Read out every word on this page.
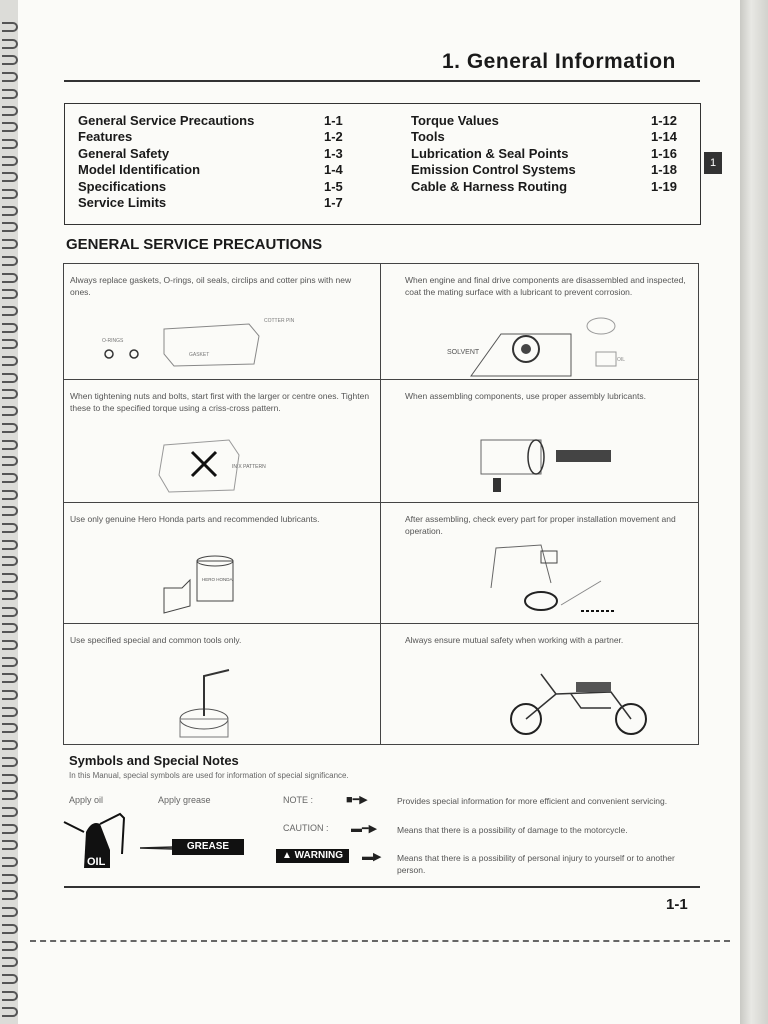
1
1. General Information
General Service Precautions	1-1
Features	1-2
General Safety	1-3
Model Identification	1-4
Specifications	1-5
Service Limits	1-7
Torque Values	1-12
Tools	1-14
Lubrication & Seal Points	1-16
Emission Control Systems	1-18
Cable & Harness Routing	1-19
GENERAL SERVICE PRECAUTIONS
Always replace gaskets, O-rings, oil seals, circlips and cotter pins with new ones.
O-RINGS
GASKET
COTTER PIN
When engine and final drive components are disassembled and inspected, coat the mating surface with a lubricant to prevent corrosion.
SOLVENT
OIL
When tightening nuts and bolts, start first with the larger or centre ones. Tighten these to the specified torque using a criss-cross pattern.
IN X PATTERN
When assembling components, use proper assembly lubricants.
Use only genuine Hero Honda parts and recommended lubricants.
HERO HONDA
After assembling, check every part for proper installation movement and operation.
Use specified special and common tools only.	Always ensure mutual safety when working with a partner.
Symbols and Special Notes
In this Manual, special symbols are used for information of special significance.
Apply oil	Apply grease
OIL
GREASE
NOTE :
CAUTION :
▲ WARNING
■━▶
▬━▶
▬▶
Provides special information for more efficient and convenient servicing.
Means that there is a possibility of damage to the motorcycle.
Means that there is a possibility of personal injury to yourself or to another person.
1-1
